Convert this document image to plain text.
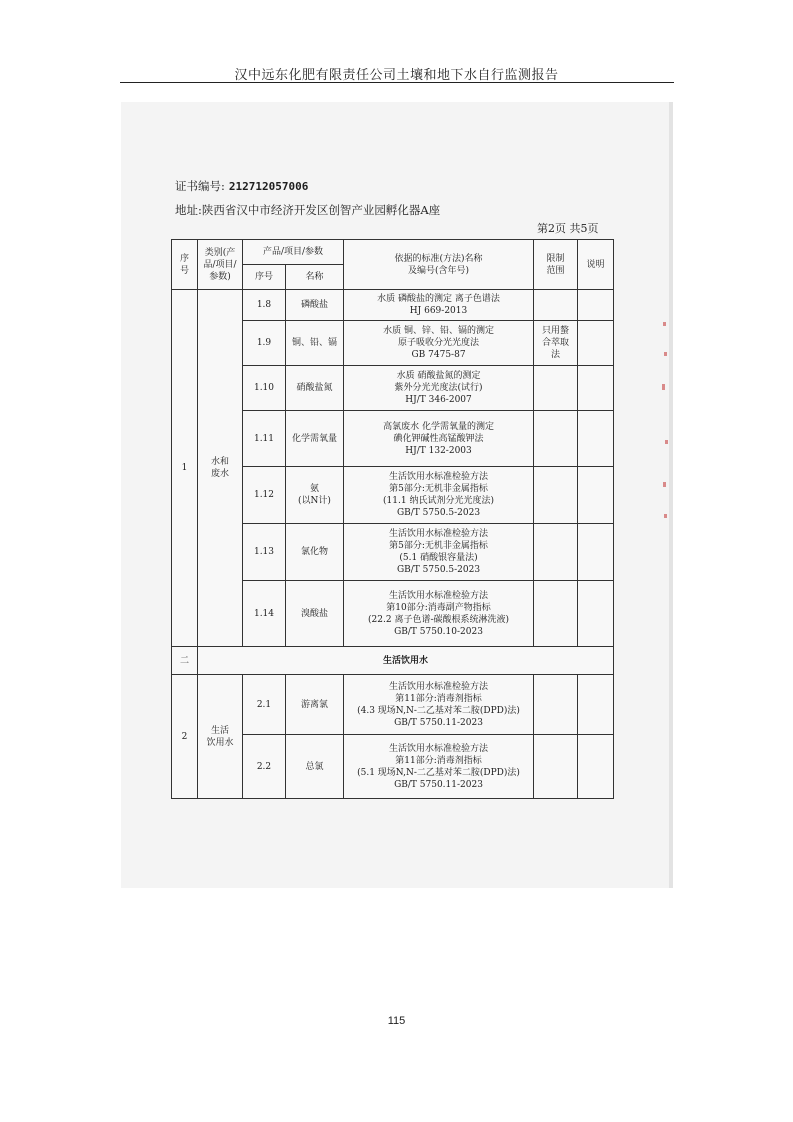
汉中远东化肥有限责任公司土壤和地下水自行监测报告
证书编号: 212712057006
地址:陕西省汉中市经济开发区创智产业园孵化器A座
第2页 共5页
序
号	类别(产
品/项目/
参数)	产品/项目/参数		依据的标准(方法)名称
及编号(含年号)	限制
范围	说明
		序号	名称			
1	水和
废水	1.8	磷酸盐	水质 磷酸盐的测定 离子色谱法
HJ 669-2013		
		1.9	铜、铅、镉	水质 铜、锌、铅、镉的测定
原子吸收分光光度法
GB 7475-87	只用螯
合萃取
法	
		1.10	硝酸盐氮	水质 硝酸盐氮的测定
紫外分光光度法(试行)
HJ/T 346-2007		
		1.11	化学需氧量	高氯废水 化学需氧量的测定
碘化钾碱性高锰酸钾法
HJ/T 132-2003		
		1.12	氨
(以N计)	生活饮用水标准检验方法
第5部分:无机非金属指标
(11.1 纳氏试剂分光光度法)
GB/T 5750.5-2023		
		1.13	氯化物	生活饮用水标准检验方法
第5部分:无机非金属指标
(5.1 硝酸银容量法)
GB/T 5750.5-2023		
		1.14	溴酸盐	生活饮用水标准检验方法
第10部分:消毒副产物指标
(22.2 离子色谱-碳酸根系统淋洗液)
GB/T 5750.10-2023		
二	生活饮用水					
2	生活
饮用水	2.1	游离氯	生活饮用水标准检验方法
第11部分:消毒剂指标
(4.3 现场N,N-二乙基对苯二胺(DPD)法)
GB/T 5750.11-2023		
		2.2	总氯	生活饮用水标准检验方法
第11部分:消毒剂指标
(5.1 现场N,N-二乙基对苯二胺(DPD)法)
GB/T 5750.11-2023		
115
